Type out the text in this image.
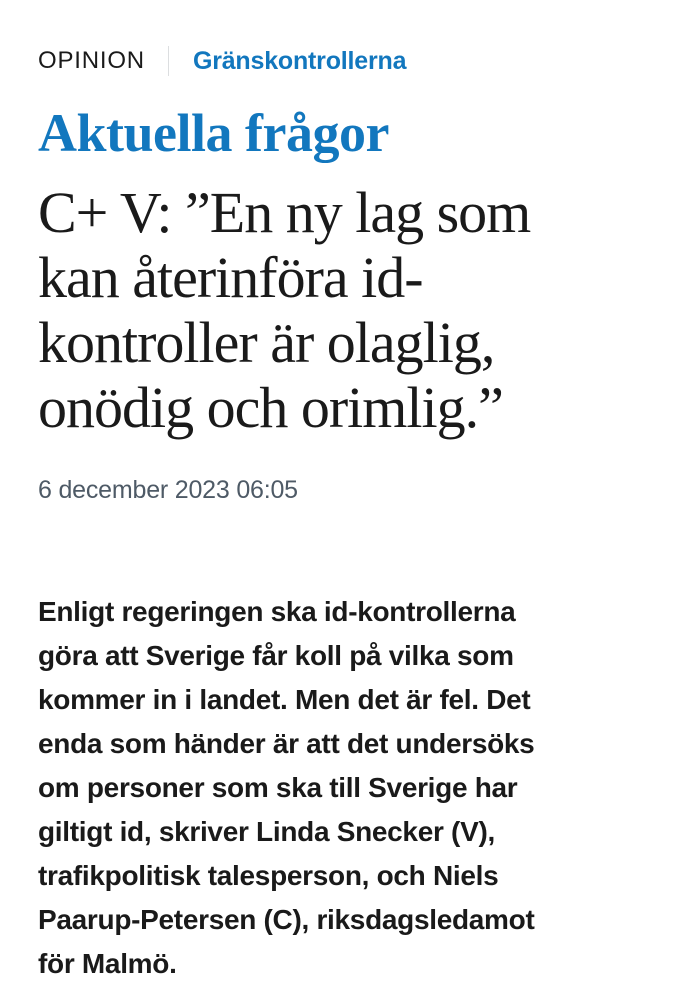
OPINION Gränskontrollerna
Aktuella frågor
C+ V: ”En ny lag som
kan återinföra id-
kontroller är olaglig,
onödig och orimlig.”
6 december 2023 06:05

Enligt regeringen ska id-kontrollerna
göra att Sverige får koll på vilka som
kommer in i landet. Men det är fel. Det
enda som händer är att det undersöks
om personer som ska till Sverige har
giltigt id, skriver Linda Snecker (V),
trafikpolitisk talesperson, och Niels
Paarup-Petersen (C), riksdagsledamot
för Malmö.
